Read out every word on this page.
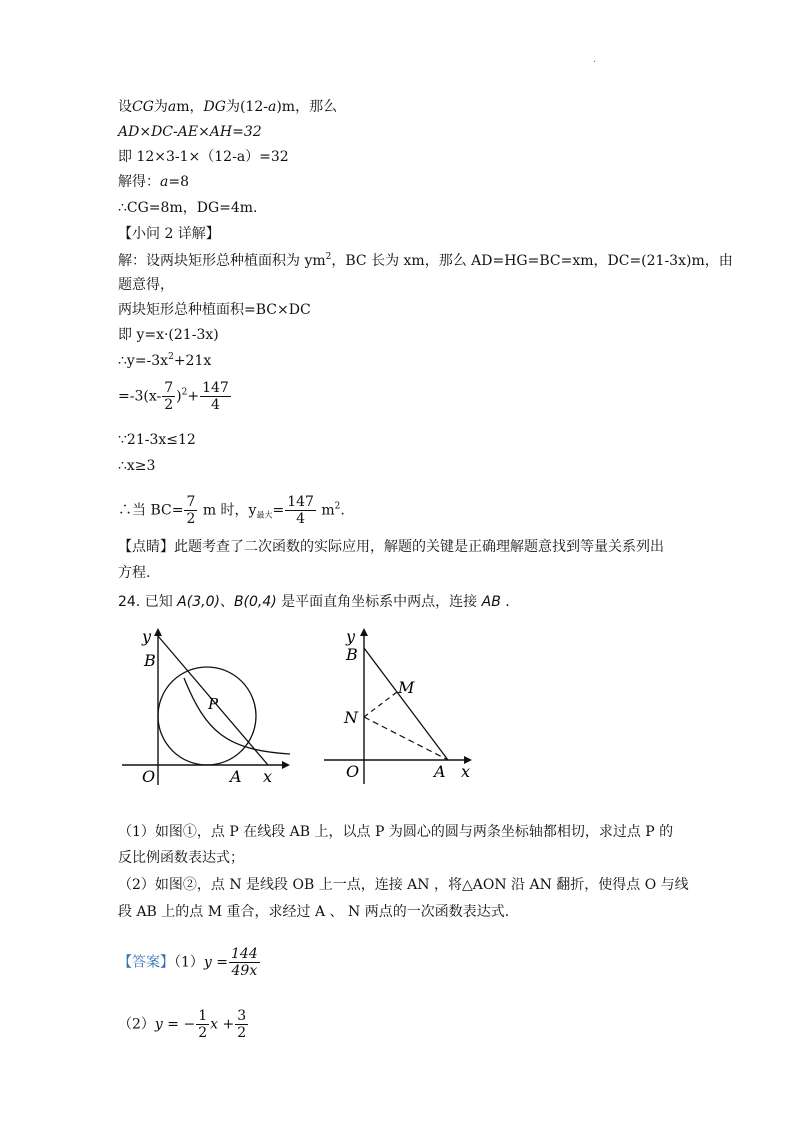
.
设CG为am，DG为(12-a)m，那么
AD×DC-AE×AH=32
即 12×3-1×（12-a）=32
解得：a=8
∴CG=8m，DG=4m.
【小问 2 详解】
解：设两块矩形总种植面积为 $ym^2$，BC 长为 xm，那么 AD=HG=BC=xm，DC=(21-3x)m，由
题意得，
两块矩形总种植面积=BC×DC
即 y=x·(21-3x)
$\therefore y=-3x^2+21x$
$=-3(x- \frac{7}{2} )^2+ \frac{147}{4}$
∵21-3x≤12
∴x≥3
∴当 $BC= \frac{7}{2}$ m 时，$y_{最大}= \frac{147}{4} m^2$.
【点睛】此题考查了二次函数的实际应用，解题的关键是正确理解题意找到等量关系列出
方程.
24. 已知 A(3,0)、B(0,4) 是平面直角坐标系中两点，连接 AB .
y
B
P
O	A x
y
B
M
N
O	A x
（1）如图①，点 P 在线段 AB 上，以点 P 为圆心的圆与两条坐标轴都相切，求过点 P 的
反比例函数表达式；
（2）如图②，点 N 是线段 OB 上一点，连接 AN ，将△AON 沿 AN 翻折，使得点 O 与线
段 AB 上的点 M 重合，求经过 A 、 N 两点的一次函数表达式.
【答案】$(1)y = \frac{144}{49x}$
（2）y = − $\frac{1}{2}$ $x + \frac{3}{2}$
